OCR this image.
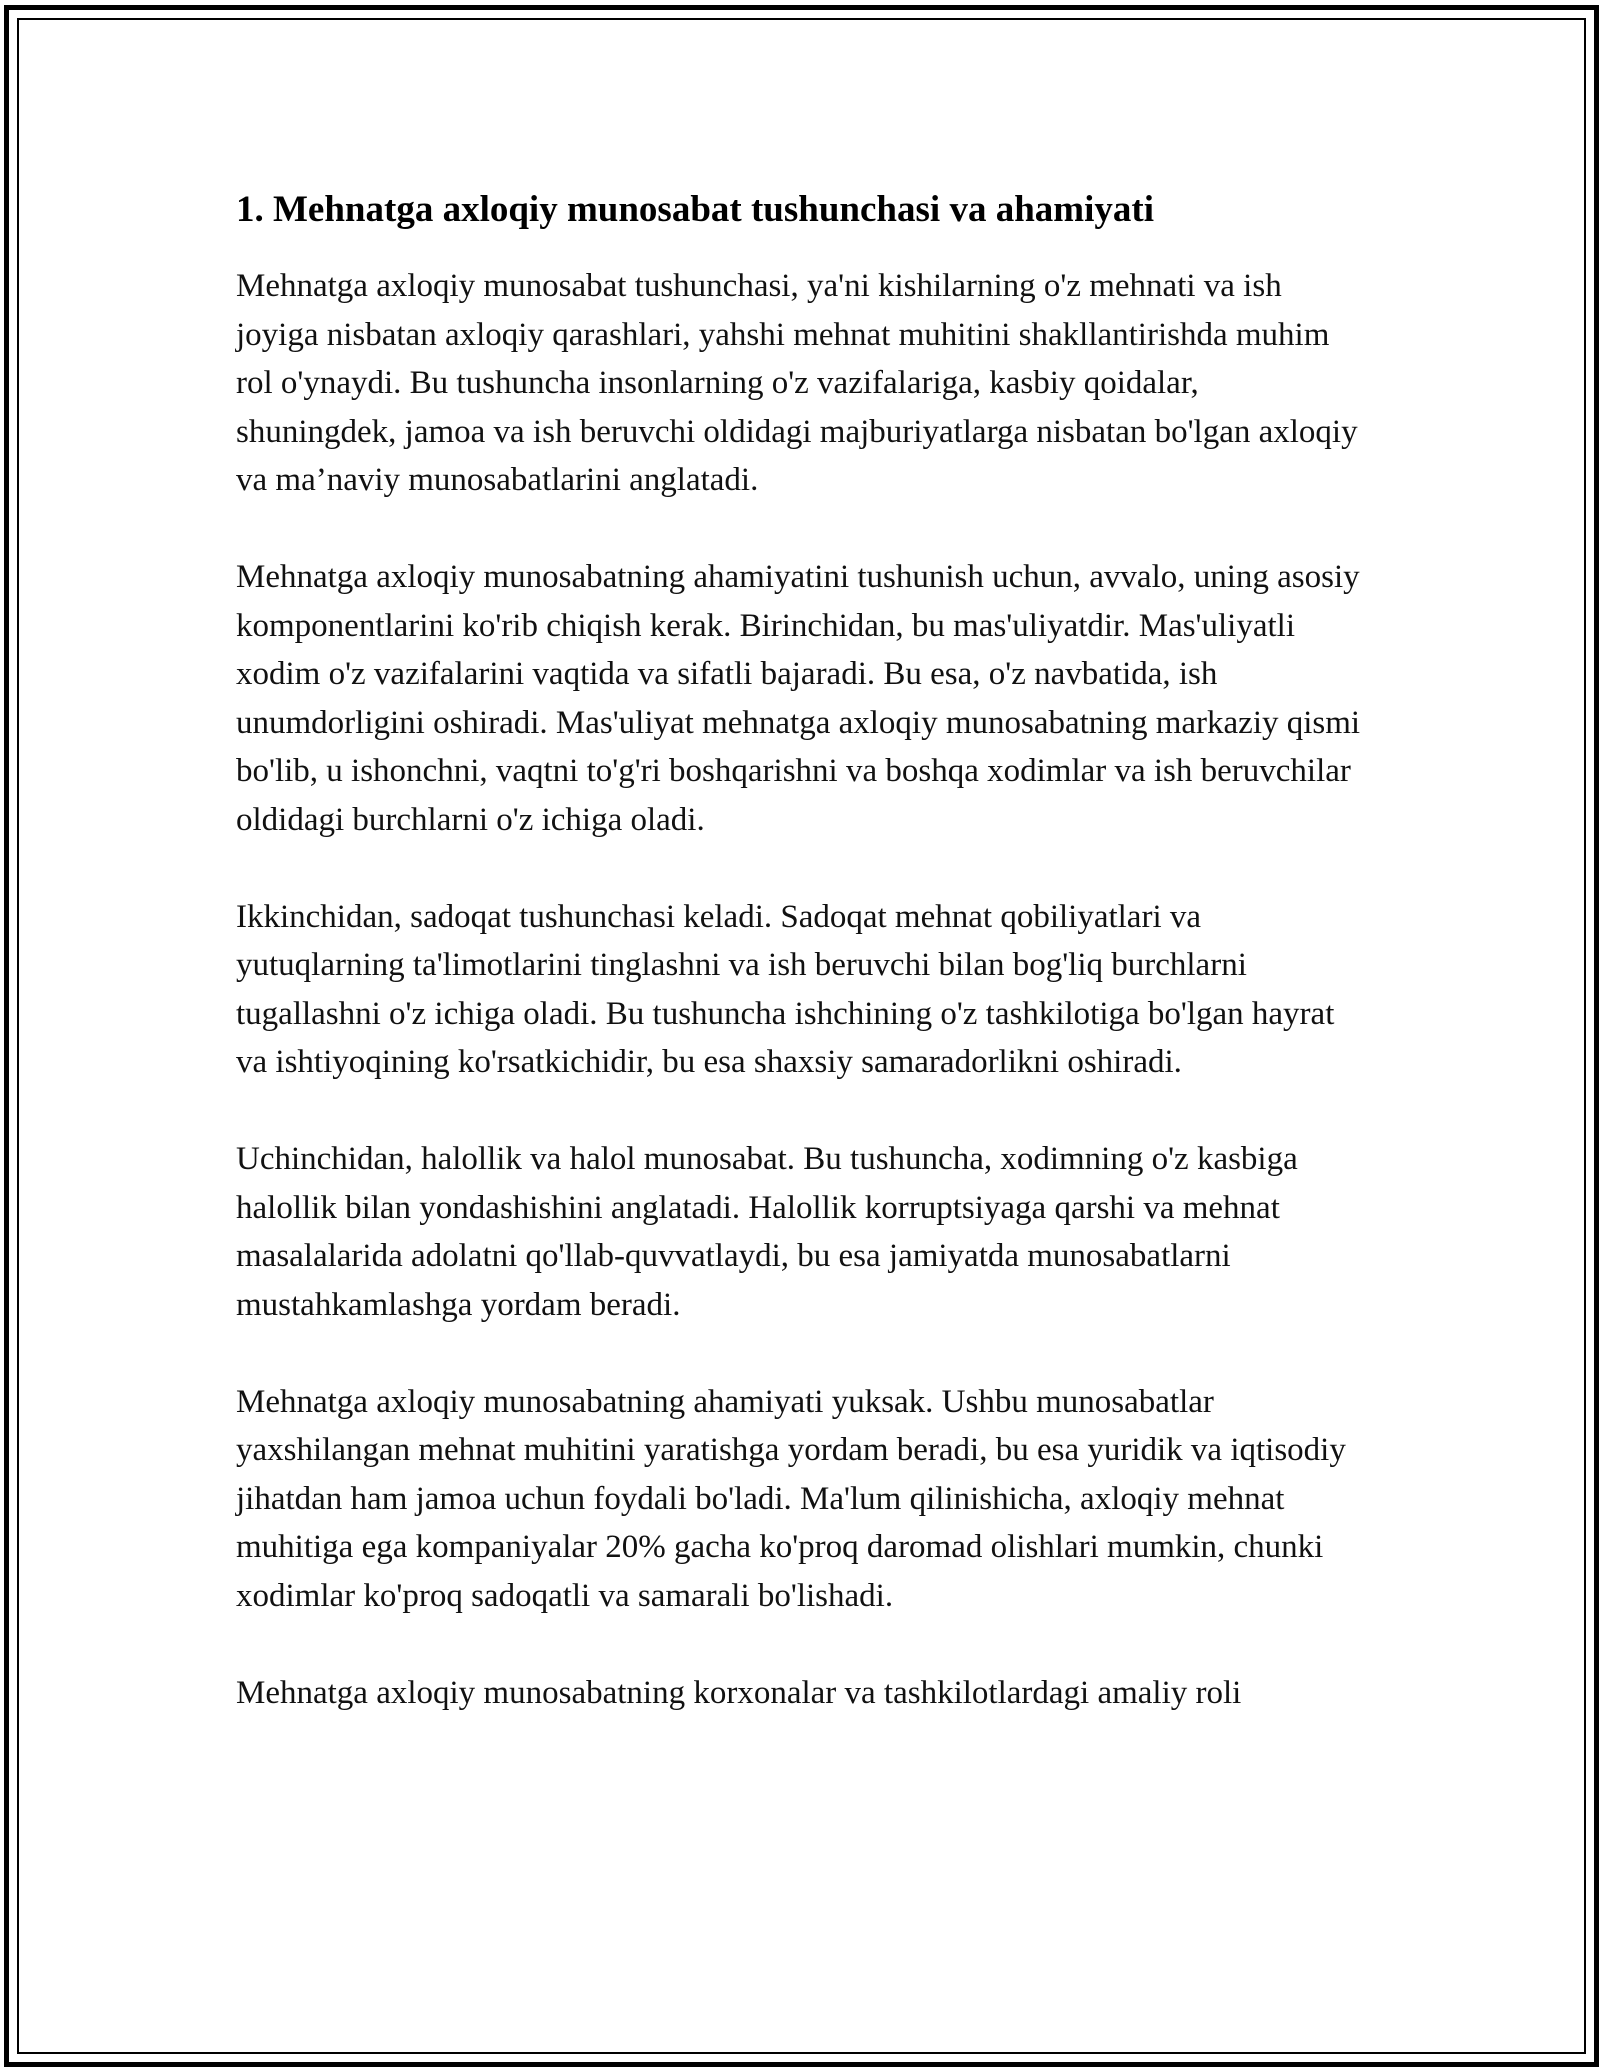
1. Mehnatga axloqiy munosabat tushunchasi va ahamiyati

Mehnatga axloqiy munosabat tushunchasi, ya'ni kishilarning o'z mehnati va ish joyiga nisbatan axloqiy qarashlari, yahshi mehnat muhitini shakllantirishda muhim rol o'ynaydi. Bu tushuncha insonlarning o'z vazifalariga, kasbiy qoidalar, shuningdek, jamoa va ish beruvchi oldidagi majburiyatlarga nisbatan bo'lgan axloqiy va ma’naviy munosabatlarini anglatadi.

Mehnatga axloqiy munosabatning ahamiyatini tushunish uchun, avvalo, uning asosiy komponentlarini ko'rib chiqish kerak. Birinchidan, bu mas'uliyatdir. Mas'uliyatli xodim o'z vazifalarini vaqtida va sifatli bajaradi. Bu esa, o'z navbatida, ish unumdorligini oshiradi. Mas'uliyat mehnatga axloqiy munosabatning markaziy qismi bo'lib, u ishonchni, vaqtni to'g'ri boshqarishni va boshqa xodimlar va ish beruvchilar oldidagi burchlarni o'z ichiga oladi.

Ikkinchidan, sadoqat tushunchasi keladi. Sadoqat mehnat qobiliyatlari va yutuqlarning ta'limotlarini tinglashni va ish beruvchi bilan bog'liq burchlarni tugallashni o'z ichiga oladi. Bu tushuncha ishchining o'z tashkilotiga bo'lgan hayrat va ishtiyoqining ko'rsatkichidir, bu esa shaxsiy samaradorlikni oshiradi.

Uchinchidan, halollik va halol munosabat. Bu tushuncha, xodimning o'z kasbiga halollik bilan yondashishini anglatadi. Halollik korruptsiyaga qarshi va mehnat masalalarida adolatni qo'llab-quvvatlaydi, bu esa jamiyatda munosabatlarni mustahkamlashga yordam beradi.

Mehnatga axloqiy munosabatning ahamiyati yuksak. Ushbu munosabatlar yaxshilangan mehnat muhitini yaratishga yordam beradi, bu esa yuridik va iqtisodiy jihatdan ham jamoa uchun foydali bo'ladi. Ma'lum qilinishicha, axloqiy mehnat muhitiga ega kompaniyalar 20% gacha ko'proq daromad olishlari mumkin, chunki xodimlar ko'proq sadoqatli va samarali bo'lishadi.

Mehnatga axloqiy munosabatning korxonalar va tashkilotlardagi amaliy roli
